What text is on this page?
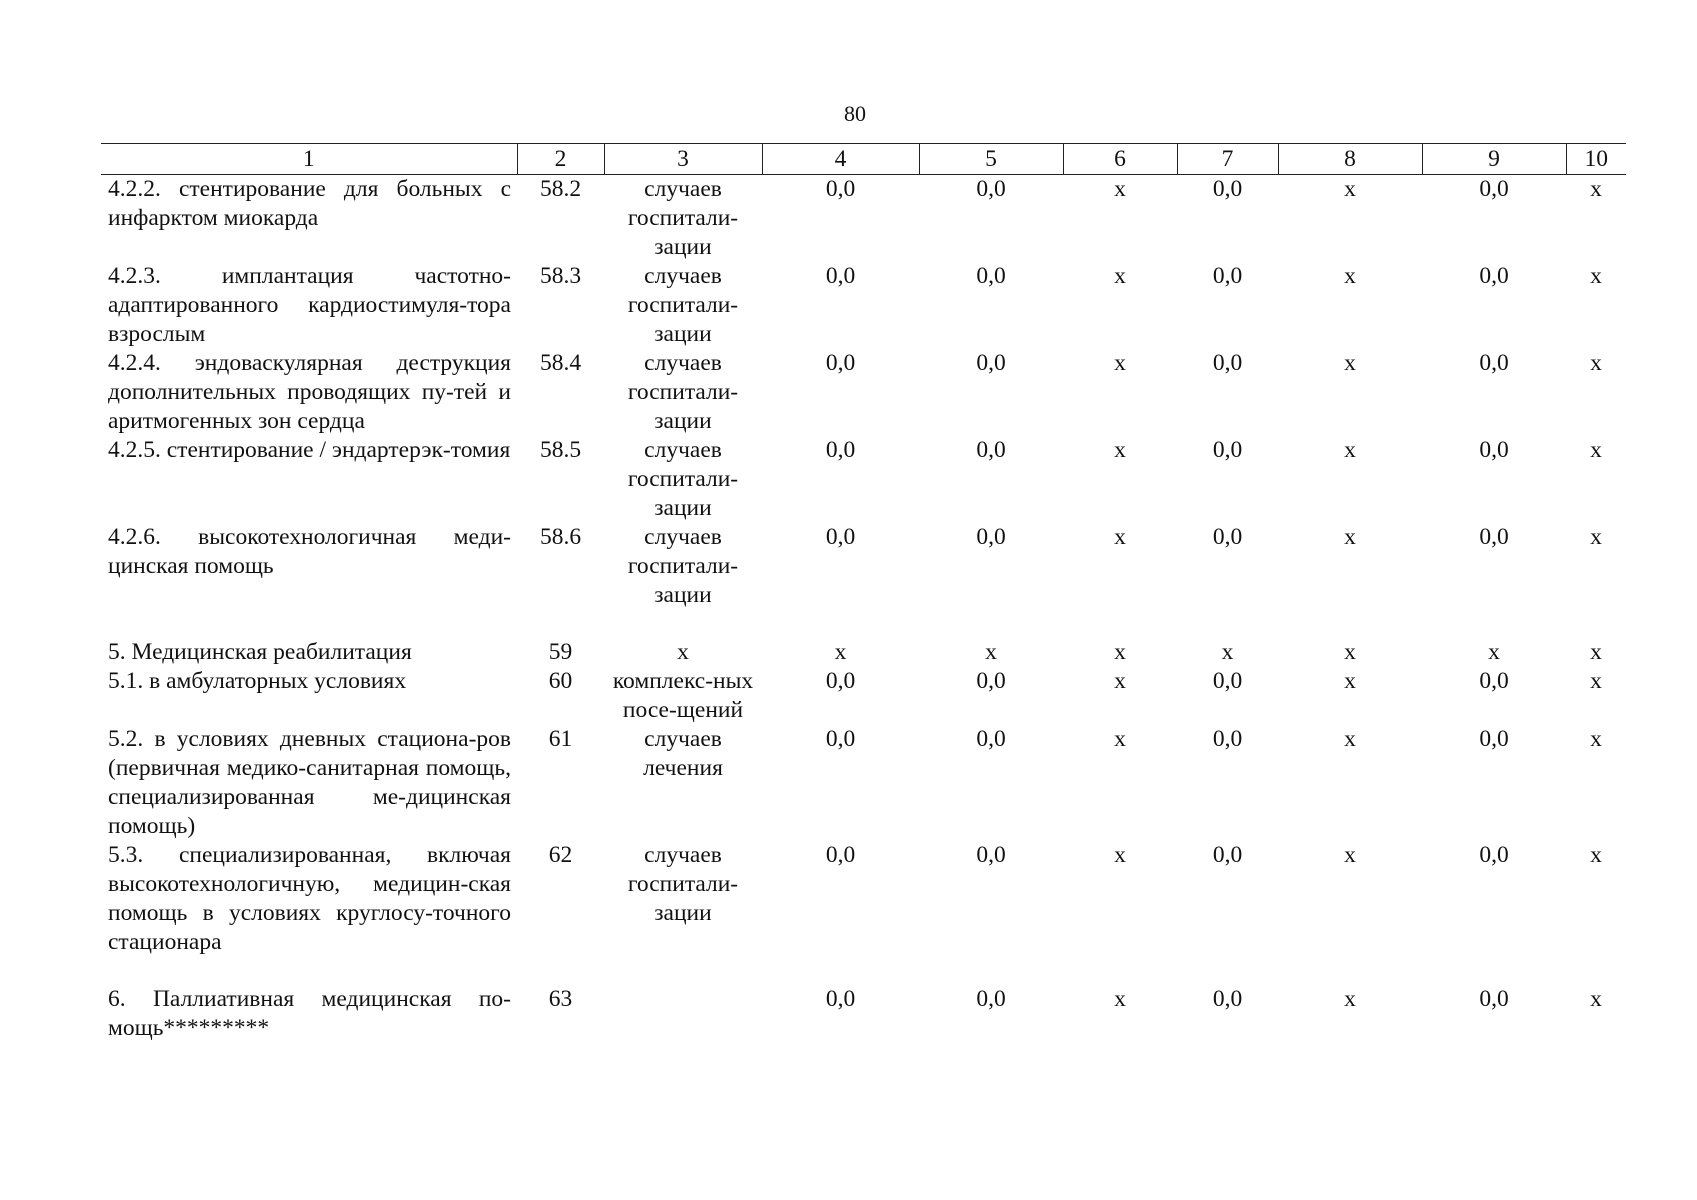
80
1	2	3	4	5	6	7	8	9	10
4.2.2. стентирование для больных с инфарктом миокарда	58.2	случаев госпитали-зации	0,0	0,0	х	0,0	х	0,0	х
4.2.3. имплантация частотно-адаптированного кардиостимуля-тора взрослым	58.3	случаев госпитали-зации	0,0	0,0	х	0,0	х	0,0	х
4.2.4. эндоваскулярная деструкция дополнительных проводящих пу-тей и аритмогенных зон сердца	58.4	случаев госпитали-зации	0,0	0,0	х	0,0	х	0,0	х
4.2.5. стентирование / эндартерэк-томия	58.5	случаев госпитали-зации	0,0	0,0	х	0,0	х	0,0	х
4.2.6. высокотехнологичная меди-цинская помощь	58.6	случаев госпитали-зации	0,0	0,0	х	0,0	х	0,0	х
5. Медицинская реабилитация	59	х	х	х	х	х	х	х	х
5.1. в амбулаторных условиях	60	комплекс-ных посе-щений	0,0	0,0	х	0,0	х	0,0	х
5.2. в условиях дневных стациона-ров (первичная медико-санитарная помощь, специализированная ме-дицинская помощь)	61	случаев лечения	0,0	0,0	х	0,0	х	0,0	х
5.3. специализированная, включая высокотехнологичную, медицин-ская помощь в условиях круглосу-точного стационара	62	случаев госпитали-зации	0,0	0,0	х	0,0	х	0,0	х
6. Паллиативная медицинская по-мощь*********	63		0,0	0,0	х	0,0	х	0,0	х
